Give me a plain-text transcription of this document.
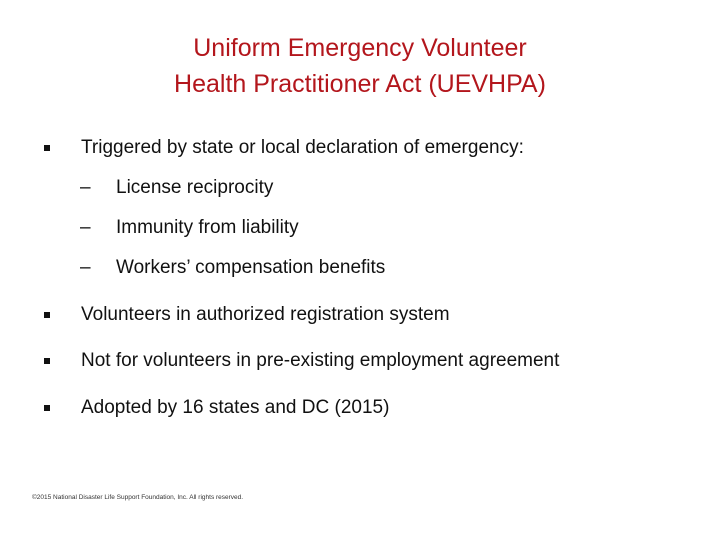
Uniform Emergency Volunteer
Health Practitioner Act (UEVHPA)
Triggered by state or local declaration of emergency:
– License reciprocity
– Immunity from liability
– Workers’ compensation benefits
Volunteers in authorized registration system
Not for volunteers in pre-existing employment agreement
Adopted by 16 states and DC (2015)
©2015 National Disaster Life Support Foundation, Inc. All rights reserved.
